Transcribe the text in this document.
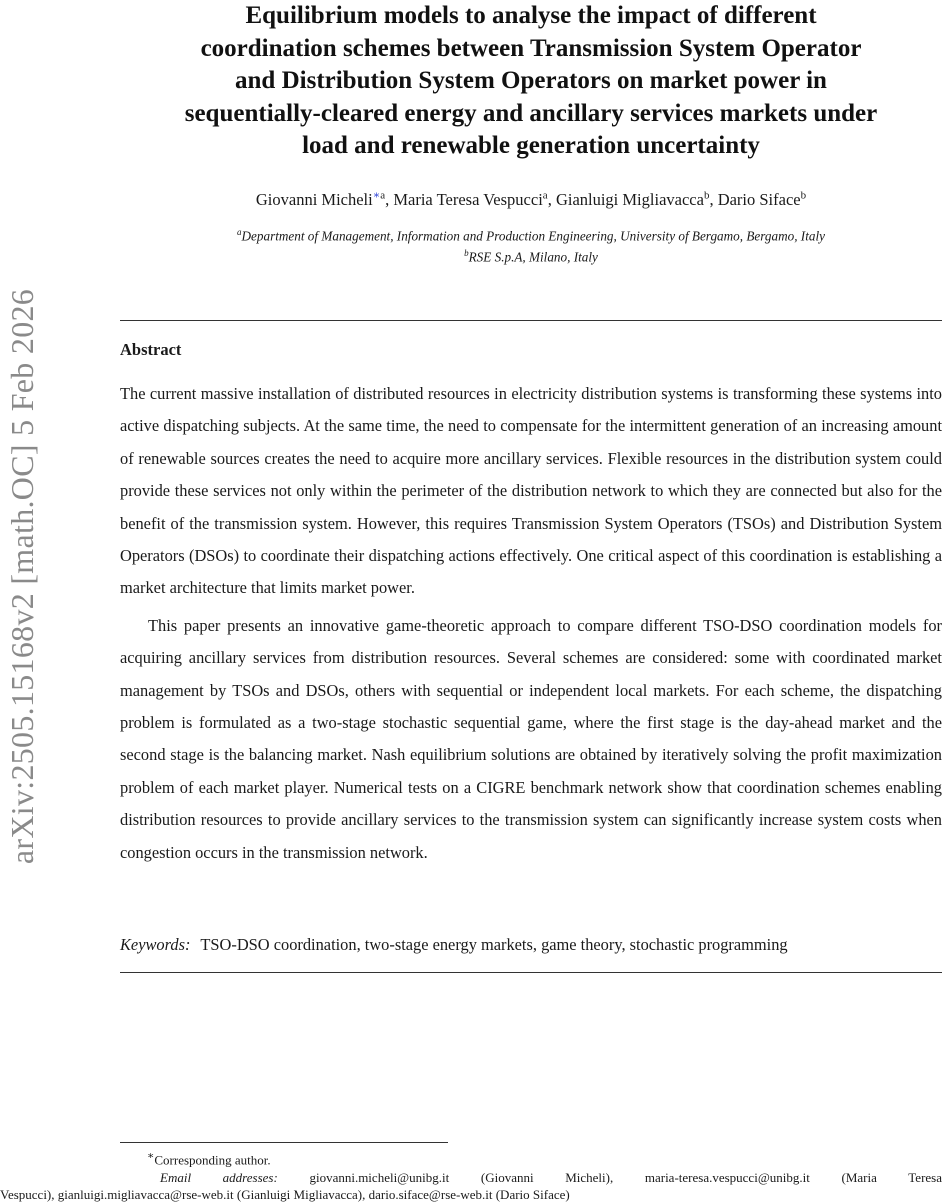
arXiv:2505.15168v2 [math.OC] 5 Feb 2026
Equilibrium models to analyse the impact of different
coordination schemes between Transmission System Operator
and Distribution System Operators on market power in
sequentially-cleared energy and ancillary services markets under
load and renewable generation uncertainty
Giovanni Micheli$^{∗a}$, Maria Teresa Vespucci$^a$, Gianluigi Migliavacca$^b$, Dario Siface$^b$
$^a$Department of Management, Information and Production Engineering, University of Bergamo, Bergamo, Italy
$^b$RSE S.p.A, Milano, Italy
Abstract

The current massive installation of distributed resources in electricity distribution systems is transforming these systems into active dispatching subjects. At the same time, the need to compensate for the intermittent generation of an increasing amount of renewable sources creates the need to acquire more ancillary services. Flexible resources in the distribution system could provide these services not only within the perimeter of the distribution network to which they are connected but also for the benefit of the transmission system. However, this requires Transmission System Operators (TSOs) and Distribution System Operators (DSOs) to coordinate their dispatching actions effectively. One critical aspect of this coordination is establishing a market architecture that limits market power.

This paper presents an innovative game-theoretic approach to compare different TSO-DSO coordination models for acquiring ancillary services from distribution resources. Several schemes are considered: some with coordinated market management by TSOs and DSOs, others with sequential or independent local markets. For each scheme, the dispatching problem is formulated as a two-stage stochastic sequential game, where the first stage is the day-ahead market and the second stage is the balancing market. Nash equilibrium solutions are obtained by iteratively solving the profit maximization problem of each market player. Numerical tests on a CIGRE benchmark network show that coordination schemes enabling distribution resources to provide ancillary services to the transmission system can significantly increase system costs when congestion occurs in the transmission network.

Keywords: TSO-DSO coordination, two-stage energy markets, game theory, stochastic programming
∗Corresponding author.
Email addresses: giovanni.micheli@unibg.it (Giovanni Micheli), maria-teresa.vespucci@unibg.it (Maria Teresa
Vespucci), gianluigi.migliavacca@rse-web.it (Gianluigi Migliavacca), dario.siface@rse-web.it (Dario Siface)
